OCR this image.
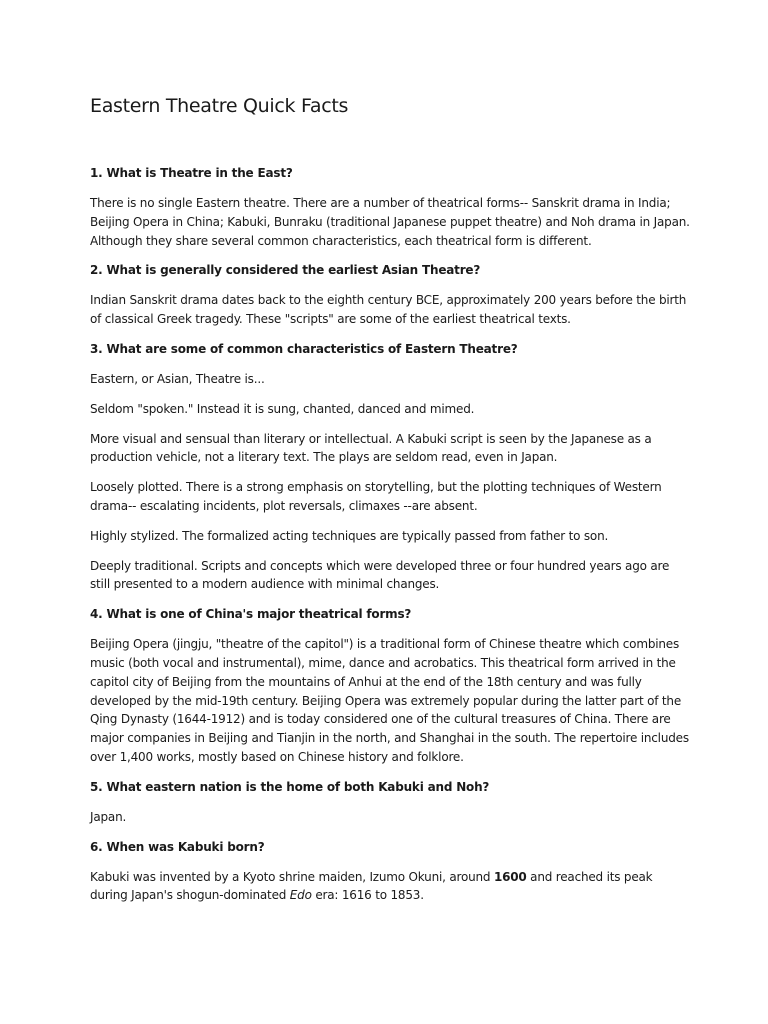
Eastern Theatre Quick Facts

1. What is Theatre in the East?

There is no single Eastern theatre. There are a number of theatrical forms-- Sanskrit drama in India; Beijing Opera in China; Kabuki, Bunraku (traditional Japanese puppet theatre) and Noh drama in Japan. Although they share several common characteristics, each theatrical form is different.

2. What is generally considered the earliest Asian Theatre?

Indian Sanskrit drama dates back to the eighth century BCE, approximately 200 years before the birth of classical Greek tragedy. These "scripts" are some of the earliest theatrical texts.

3. What are some of common characteristics of Eastern Theatre?

Eastern, or Asian, Theatre is...

Seldom "spoken." Instead it is sung, chanted, danced and mimed.

More visual and sensual than literary or intellectual. A Kabuki script is seen by the Japanese as a production vehicle, not a literary text. The plays are seldom read, even in Japan.

Loosely plotted. There is a strong emphasis on storytelling, but the plotting techniques of Western drama-- escalating incidents, plot reversals, climaxes --are absent.

Highly stylized. The formalized acting techniques are typically passed from father to son.

Deeply traditional. Scripts and concepts which were developed three or four hundred years ago are still presented to a modern audience with minimal changes.

4. What is one of China's major theatrical forms?

Beijing Opera (jingju, "theatre of the capitol") is a traditional form of Chinese theatre which combines music (both vocal and instrumental), mime, dance and acrobatics. This theatrical form arrived in the capitol city of Beijing from the mountains of Anhui at the end of the 18th century and was fully developed by the mid-19th century. Beijing Opera was extremely popular during the latter part of the Qing Dynasty (1644-1912) and is today considered one of the cultural treasures of China. There are major companies in Beijing and Tianjin in the north, and Shanghai in the south. The repertoire includes over 1,400 works, mostly based on Chinese history and folklore.

5. What eastern nation is the home of both Kabuki and Noh?

Japan.

6. When was Kabuki born?

Kabuki was invented by a Kyoto shrine maiden, Izumo Okuni, around 1600 and reached its peak during Japan's shogun-dominated Edo era: 1616 to 1853.
